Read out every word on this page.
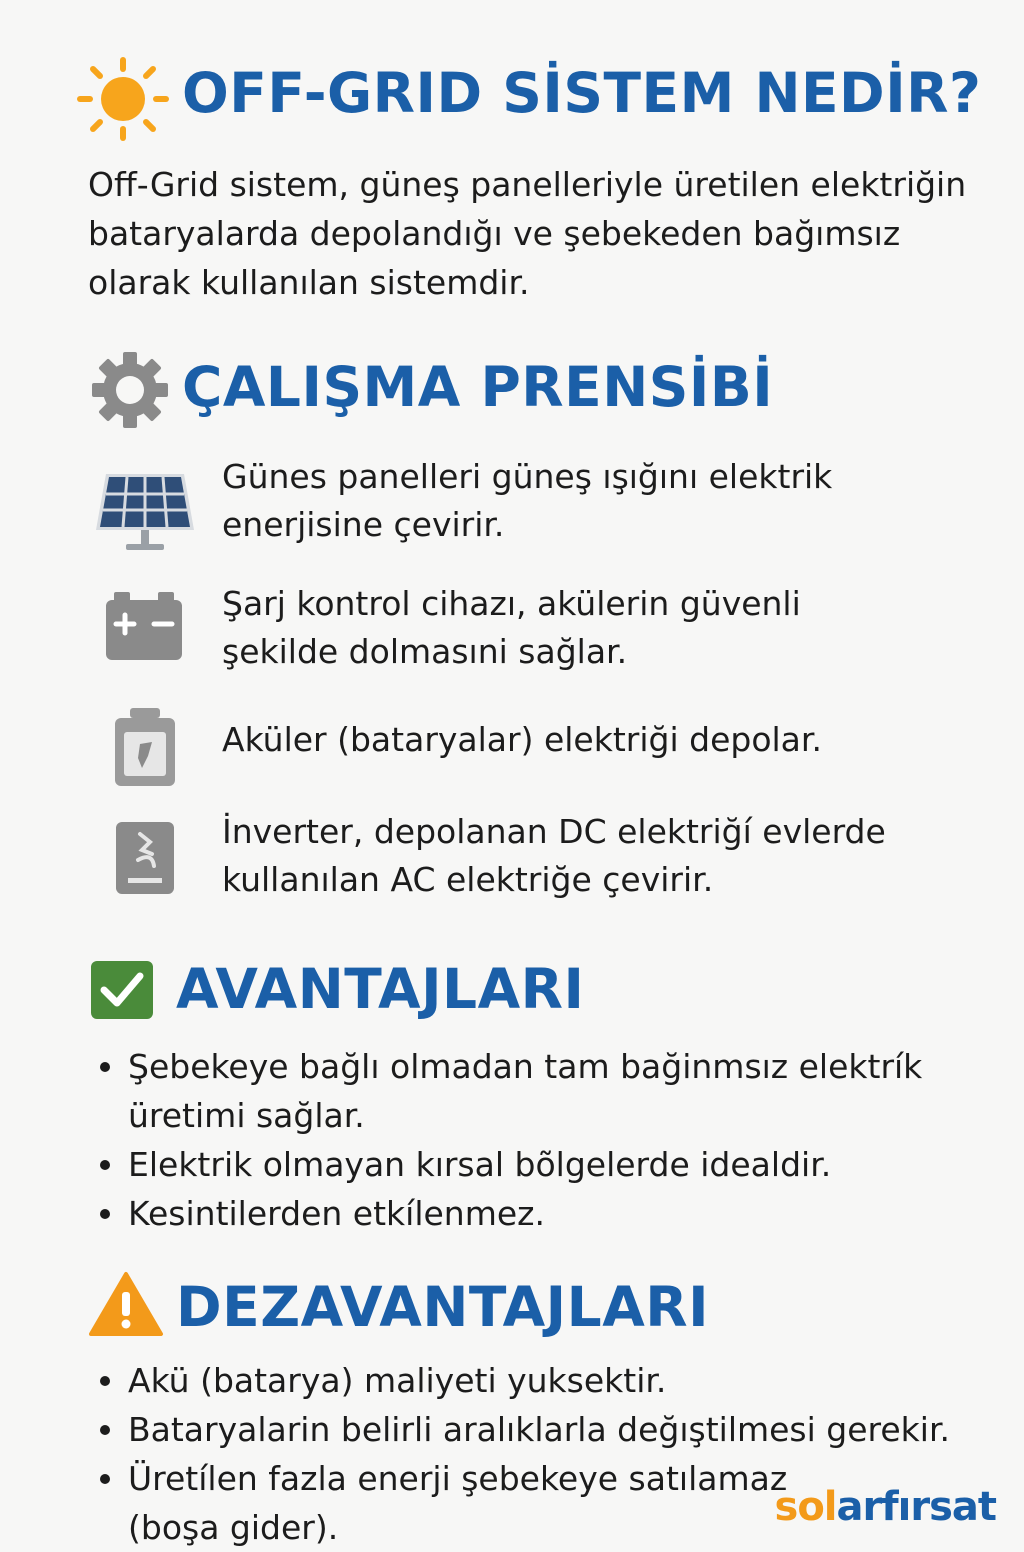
OFF-GRID SİSTEM NEDİR?
Off-Grid sistem, güneş panelleriyle üretilen elektriğin
bataryalarda depolandığı ve şebekeden bağımsız
olarak kullanılan sistemdir.
ÇALIŞMA PRENSİBİ
Günes panelleri güneş ışığını elektrik
enerjisine çevirir.
Şarj kontrol cihazı, akülerin güvenli
şekilde dolmasıni sağlar.
Aküler (bataryalar) elektriği depolar.
İnverter, depolanan DC elektriğí evlerde
kullanılan AC elektriğe çevirir.
AVANTAJLARI
Şebekeye bağlı olmadan tam bağinmsız elektrík
üretimi sağlar.
Elektrik olmayan kırsal bõlgelerde idealdir.
Kesintilerden etkílenmez.
DEZAVANTAJLARI
Akü (batarya) maliyeti yuksektir.
Bataryalarin belirli aralıklarla değıştilmesi gerekir.
Üretílen fazla enerji şebekeye satılamaz
(boşa gider).	solarfırsat
